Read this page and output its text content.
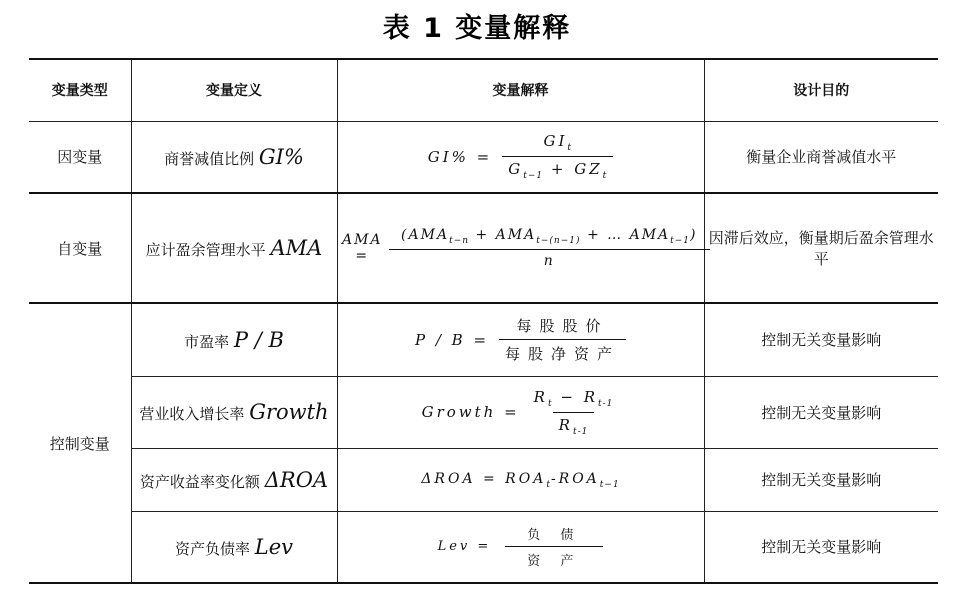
表 1 变量解释
变量类型	变量定义	变量解释	设计目的
因变量	商誉减值比例 GI%	$GI\% = \frac{GI_t}{G_{t-1} + GZ_t}$	衡量企业商誉减值水平
自变量	应计盈余管理水平 AMA	AMA = $\frac{(AMA_{t-n} + AMA_{t-(n-1)} + \dots AMA_{t-1})}{n}$	因滞后效应，衡量期后盈余管理水平
控制变量	市盈率 P / B	$P / B = \frac{\text{每股股价}}{\text{每股净资产}}$	控制无关变量影响
	营业收入增长率 Growth	Growth = $\frac{R_t - R_{t-1}}{R_{t-1}}$	控制无关变量影响
	资产收益率变化额 ΔROA	$\Delta ROA = ROA_t-ROA_{t-1}$	控制无关变量影响
	资产负债率 Lev	Lev = $\frac{\text{负 债}}{\text{资 产}}$	控制无关变量影响
